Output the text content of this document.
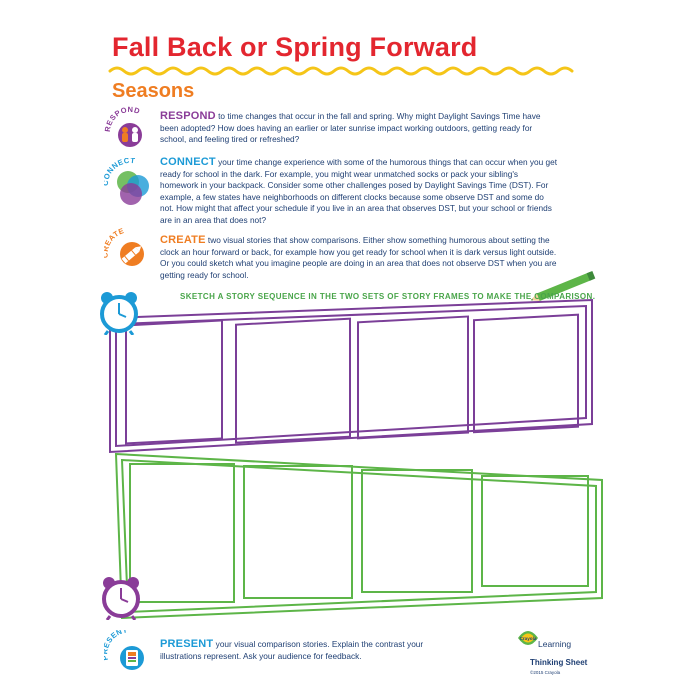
Fall Back or Spring Forward
Seasons
ESPOND RESPOND to time changes that occur in the fall and spring. Why might Daylight Savings Time have been adopted? How does having an earlier or later sunrise impact working outdoors, getting ready for school, and feeling tired or refreshed?
NNECT CONNECT your time change experience with some of the humorous things that can occur when you get ready for school in the dark. For example, you might wear unmatched socks or pack your sibling's homework in your backpack. Consider some other challenges posed by Daylight Savings Time (DST). For example, a few states have neighborhoods on different clocks because some observe DST and some do not. How might that affect your schedule if you live in an area that observes DST, but your school or friends are in an area that does not?
ATE
CREATE two visual stories that show comparisons. Either show something humorous about setting the clock an hour forward or back, for example how you get ready for school when it is dark versus light outside. Or you could sketch what you imagine people are doing in an area that does not observe DST when you are getting ready for school.
SKETCH A STORY SEQUENCE IN THE TWO SETS OF STORY FRAMES TO MAKE THE COMPARISON.
SENT
PRESENT your visual comparison stories. Explain the contrast your illustrations represent. Ask your audience for feedback.
Crayola
Learning
Thinking Sheet
©2015 Crayola
